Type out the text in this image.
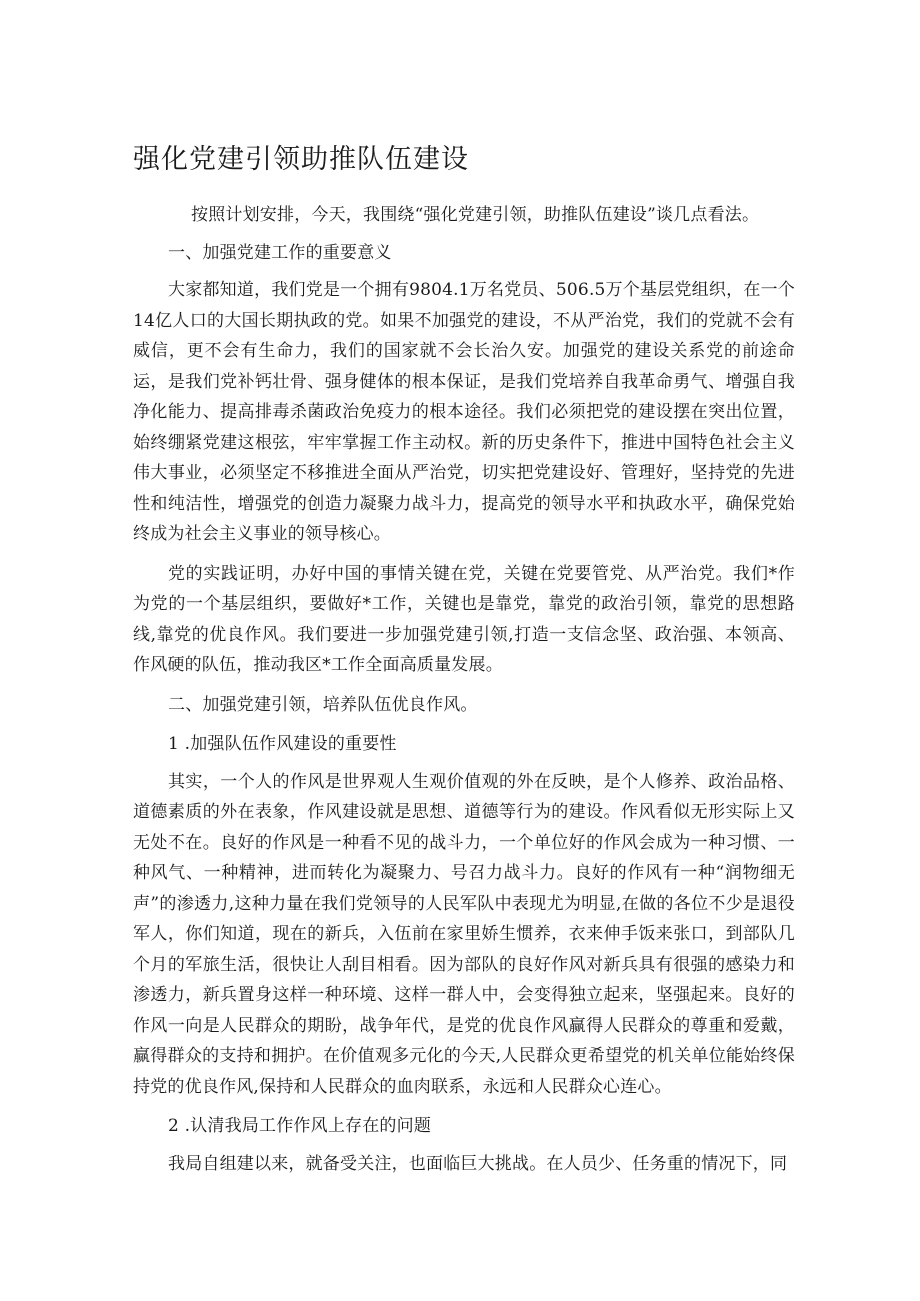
强化党建引领助推队伍建设

按照计划安排，今天，我围绕“强化党建引领，助推队伍建设”谈几点看法。

一、加强党建工作的重要意义

大家都知道，我们党是一个拥有9804.1万名党员、506.5万个基层党组织，在一个14亿人口的大国长期执政的党。如果不加强党的建设，不从严治党，我们的党就不会有威信，更不会有生命力，我们的国家就不会长治久安。加强党的建设关系党的前途命运，是我们党补钙壮骨、强身健体的根本保证，是我们党培养自我革命勇气、增强自我净化能力、提高排毒杀菌政治免疫力的根本途径。我们必须把党的建设摆在突出位置，始终绷紧党建这根弦，牢牢掌握工作主动权。新的历史条件下，推进中国特色社会主义伟大事业，必须坚定不移推进全面从严治党，切实把党建设好、管理好，坚持党的先进性和纯洁性，增强党的创造力凝聚力战斗力，提高党的领导水平和执政水平，确保党始终成为社会主义事业的领导核心。

党的实践证明，办好中国的事情关键在党，关键在党要管党、从严治党。我们*作为党的一个基层组织，要做好*工作，关键也是靠党，靠党的政治引领，靠党的思想路线,靠党的优良作风。我们要进一步加强党建引领,打造一支信念坚、政治强、本领高、作风硬的队伍，推动我区*工作全面高质量发展。

二、加强党建引领，培养队伍优良作风。

1 .加强队伍作风建设的重要性

其实，一个人的作风是世界观人生观价值观的外在反映，是个人修养、政治品格、道德素质的外在表象，作风建设就是思想、道德等行为的建设。作风看似无形实际上又无处不在。良好的作风是一种看不见的战斗力，一个单位好的作风会成为一种习惯、一种风气、一种精神，进而转化为凝聚力、号召力战斗力。良好的作风有一种“润物细无声”的渗透力,这种力量在我们党领导的人民军队中表现尤为明显,在做的各位不少是退役军人，你们知道，现在的新兵，入伍前在家里娇生惯养，衣来伸手饭来张口，到部队几个月的军旅生活，很快让人刮目相看。因为部队的良好作风对新兵具有很强的感染力和渗透力，新兵置身这样一种环境、这样一群人中，会变得独立起来，坚强起来。良好的作风一向是人民群众的期盼，战争年代，是党的优良作风赢得人民群众的尊重和爱戴，赢得群众的支持和拥护。在价值观多元化的今天,人民群众更希望党的机关单位能始终保持党的优良作风,保持和人民群众的血肉联系，永远和人民群众心连心。

2 .认清我局工作作风上存在的问题

我局自组建以来，就备受关注，也面临巨大挑战。在人员少、任务重的情况下，同
